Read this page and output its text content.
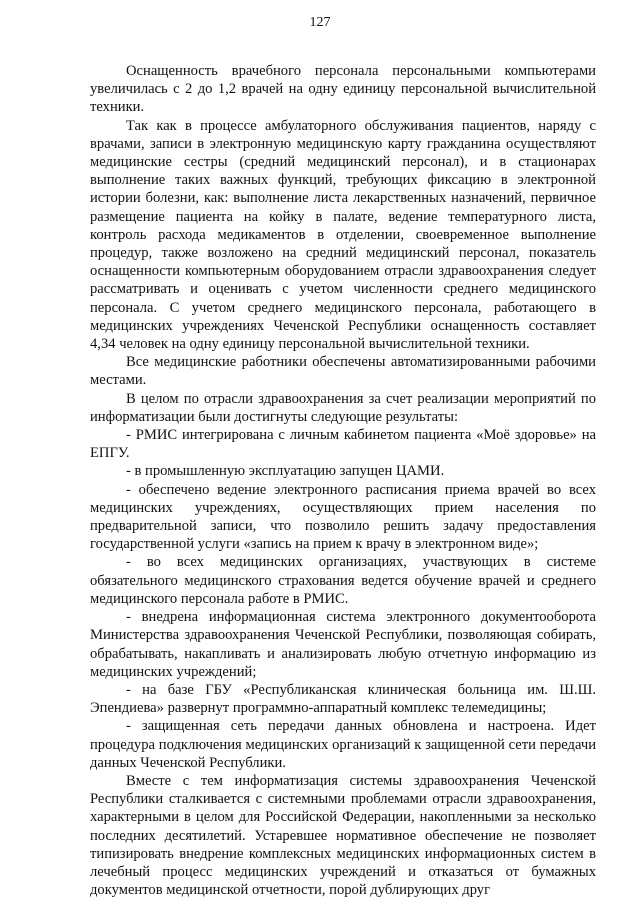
127

Оснащенность врачебного персонала персональными компьютерами увеличилась с 2 до 1,2 врачей на одну единицу персональной вычислительной техники.

Так как в процессе амбулаторного обслуживания пациентов, наряду с врачами, записи в электронную медицинскую карту гражданина осуществляют медицинские сестры (средний медицинский персонал), и в стационарах выполнение таких важных функций, требующих фиксацию в электронной истории болезни, как: выполнение листа лекарственных назначений, первичное размещение пациента на койку в палате, ведение температурного листа, контроль расхода медикаментов в отделении, своевременное выполнение процедур, также возложено на средний медицинский персонал, показатель оснащенности компьютерным оборудованием отрасли здравоохранения следует рассматривать и оценивать с учетом численности среднего медицинского персонала. С учетом среднего медицинского персонала, работающего в медицинских учреждениях Чеченской Республики оснащенность составляет 4,34 человек на одну единицу персональной вычислительной техники.

Все медицинские работники обеспечены автоматизированными рабочими местами.

В целом по отрасли здравоохранения за счет реализации мероприятий по информатизации были достигнуты следующие результаты:

- РМИС интегрирована с личным кабинетом пациента «Моё здоровье» на ЕПГУ.

- в промышленную эксплуатацию запущен ЦАМИ.

- обеспечено ведение электронного расписания приема врачей во всех медицинских учреждениях, осуществляющих прием населения по предварительной записи, что позволило решить задачу предоставления государственной услуги «запись на прием к врачу в электронном виде»;

- во всех медицинских организациях, участвующих в системе обязательного медицинского страхования ведется обучение врачей и среднего медицинского персонала работе в РМИС.

- внедрена информационная система электронного документооборота Министерства здравоохранения Чеченской Республики, позволяющая собирать, обрабатывать, накапливать и анализировать любую отчетную информацию из медицинских учреждений;

- на базе ГБУ «Республиканская клиническая больница им. Ш.Ш. Эпендиева» развернут программно-аппаратный комплекс телемедицины;

- защищенная сеть передачи данных обновлена и настроена. Идет процедура подключения медицинских организаций к защищенной сети передачи данных Чеченской Республики.

Вместе с тем информатизация системы здравоохранения Чеченской Республики сталкивается с системными проблемами отрасли здравоохранения, характерными в целом для Российской Федерации, накопленными за несколько последних десятилетий. Устаревшее нормативное обеспечение не позволяет типизировать внедрение комплексных медицинских информационных систем в лечебный процесс медицинских учреждений и отказаться от бумажных документов медицинской отчетности, порой дублирующих друг
